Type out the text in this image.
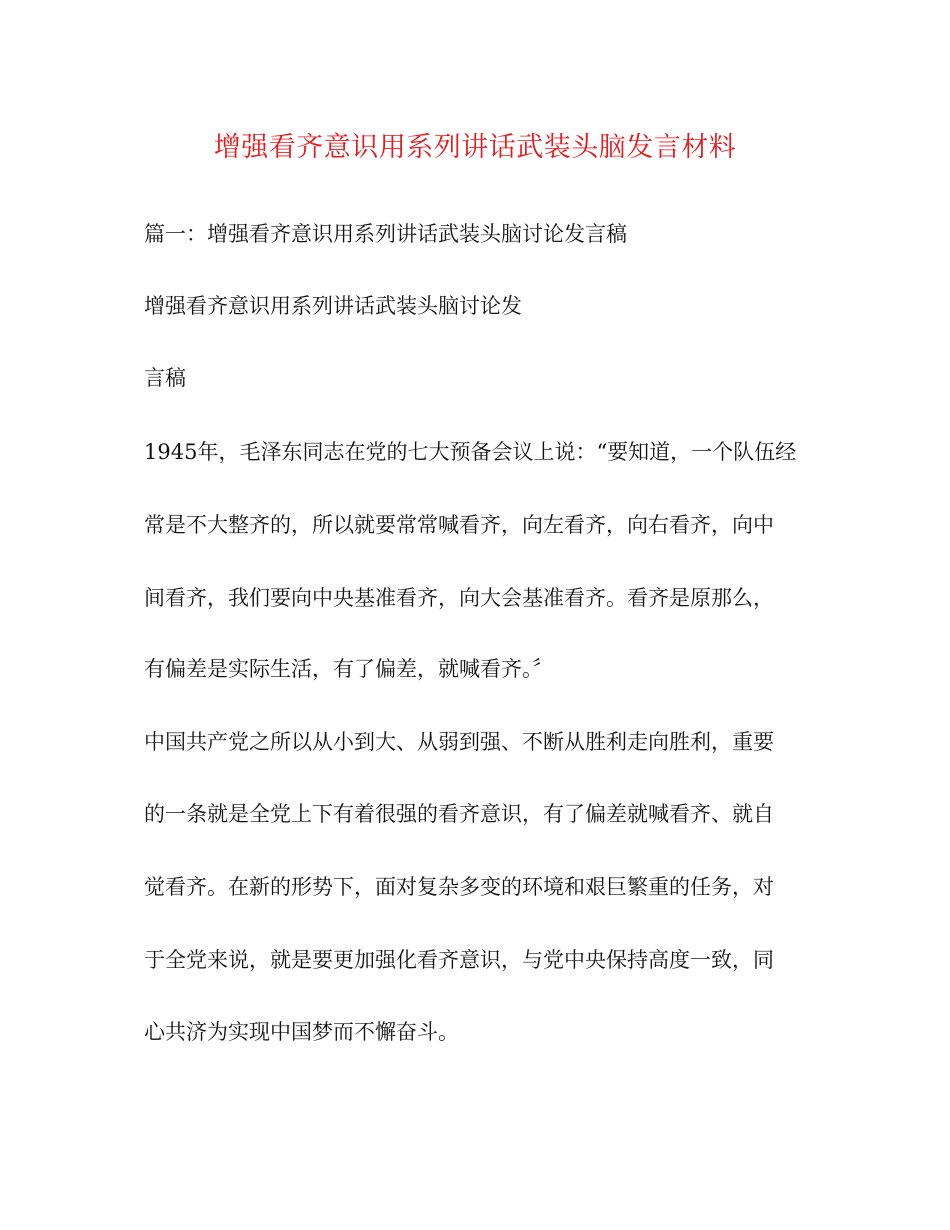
增强看齐意识用系列讲话武装头脑发言材料
篇一：增强看齐意识用系列讲话武装头脑讨论发言稿
增强看齐意识用系列讲话武装头脑讨论发
言稿
1945年，毛泽东同志在党的七大预备会议上说：“要知道，一个队伍经
常是不大整齐的，所以就要常常喊看齐，向左看齐，向右看齐，向中
间看齐，我们要向中央基准看齐，向大会基准看齐。看齐是原那么，
有偏差是实际生活，有了偏差，就喊看齐。〞
中国共产党之所以从小到大、从弱到强、不断从胜利走向胜利，重要
的一条就是全党上下有着很强的看齐意识，有了偏差就喊看齐、就自
觉看齐。在新的形势下，面对复杂多变的环境和艰巨繁重的任务，对
于全党来说，就是要更加强化看齐意识，与党中央保持高度一致，同
心共济为实现中国梦而不懈奋斗。
